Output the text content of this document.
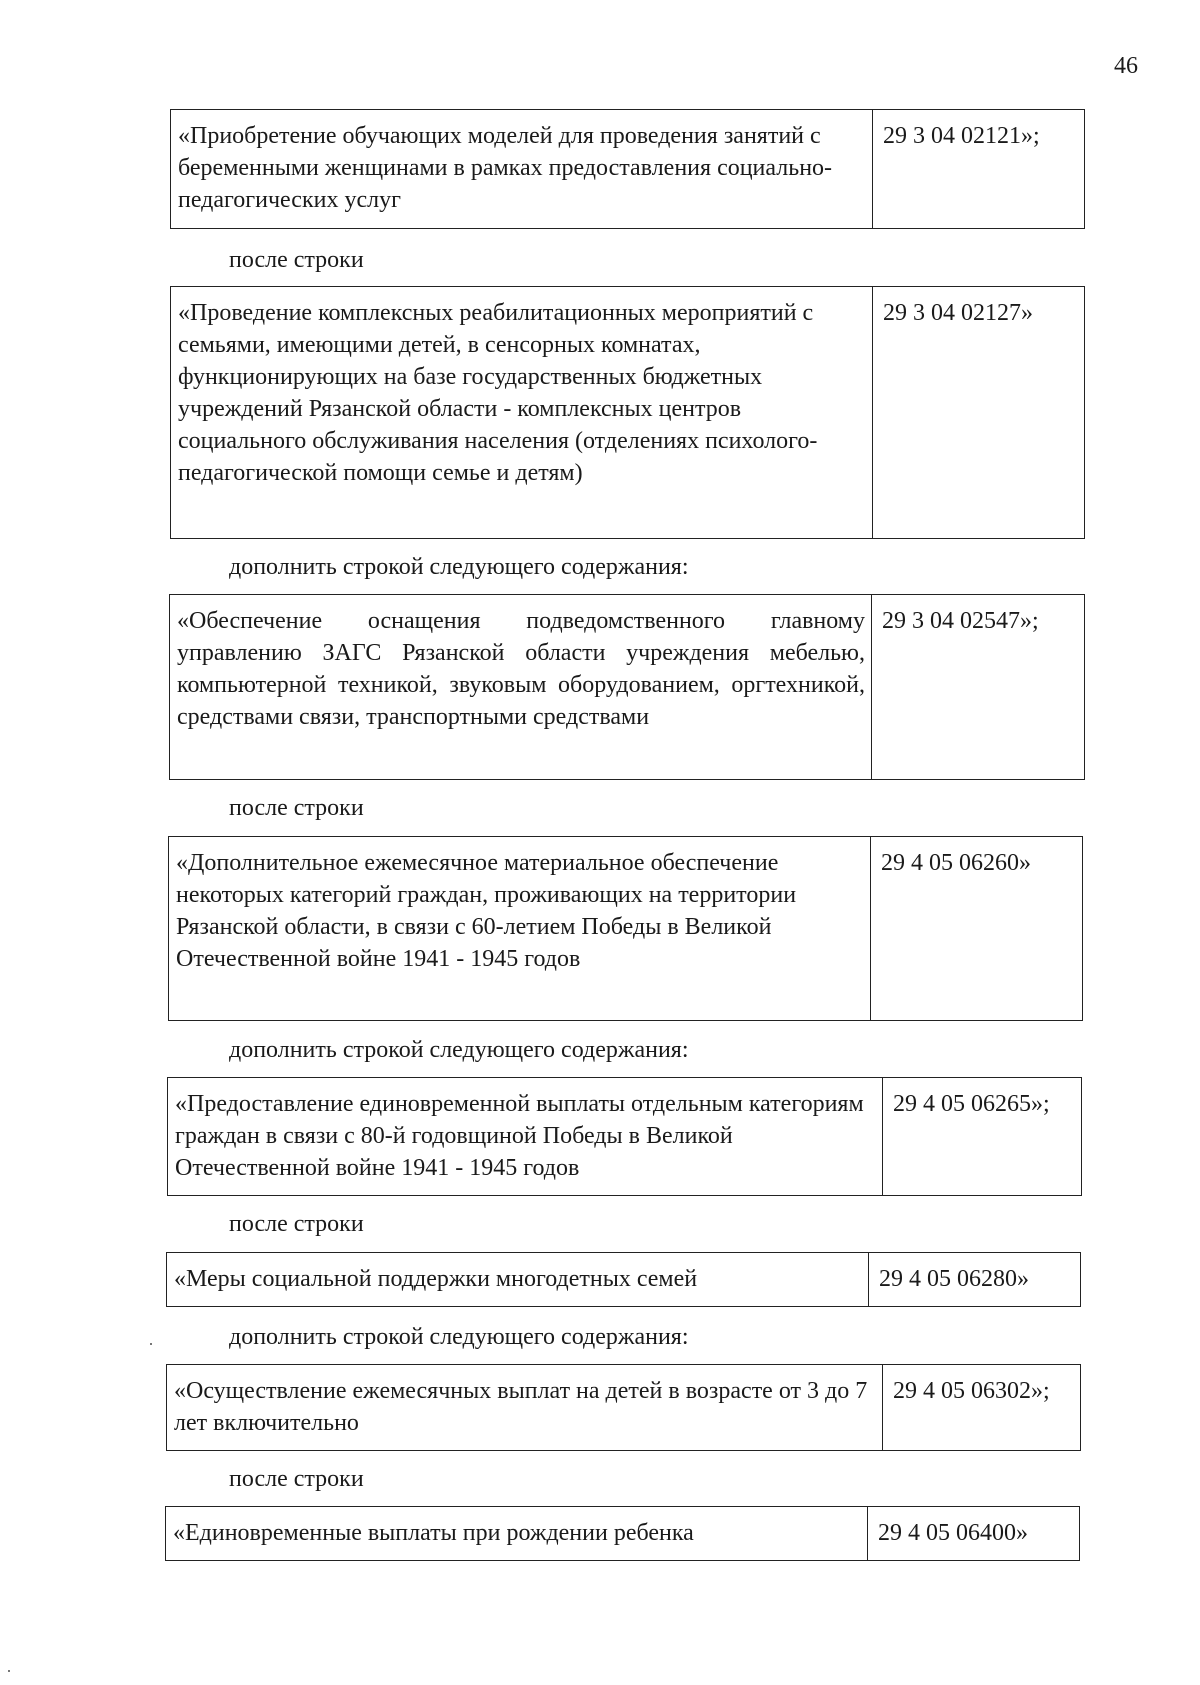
46
«Приобретение обучающих моделей для проведения занятий с беременными женщинами в рамках предоставления социально-педагогических услуг
29 3 04 02121»;
после строки
«Проведение комплексных реабилитационных мероприятий с семьями, имеющими детей, в сенсорных комнатах, функционирующих на базе государственных бюджетных учреждений Рязанской области - комплексных центров социального обслуживания населения (отделениях психолого-педагогической помощи семье и детям)
29 3 04 02127»
дополнить строкой следующего содержания:
«Обеспечение оснащения подведомственного главному управлению ЗАГС Рязанской области учреждения мебелью, компьютерной техникой, звуковым оборудованием, оргтехникой, средствами связи, транспортными средствами
29 3 04 02547»;
после строки
«Дополнительное ежемесячное материальное обеспечение некоторых категорий граждан, проживающих на территории Рязанской области, в связи с 60-летием Победы в Великой Отечественной войне 1941 - 1945 годов
29 4 05 06260»
дополнить строкой следующего содержания:
«Предоставление единовременной выплаты отдельным категориям граждан в связи с 80-й годовщиной Победы в Великой Отечественной войне 1941 - 1945 годов
29 4 05 06265»;
после строки
«Меры социальной поддержки многодетных семей	29 4 05 06280»
дополнить строкой следующего содержания:
«Осуществление ежемесячных выплат на детей в возрасте от 3 до 7 лет включительно
29 4 05 06302»;
после строки
«Единовременные выплаты при рождении ребенка	29 4 05 06400»
